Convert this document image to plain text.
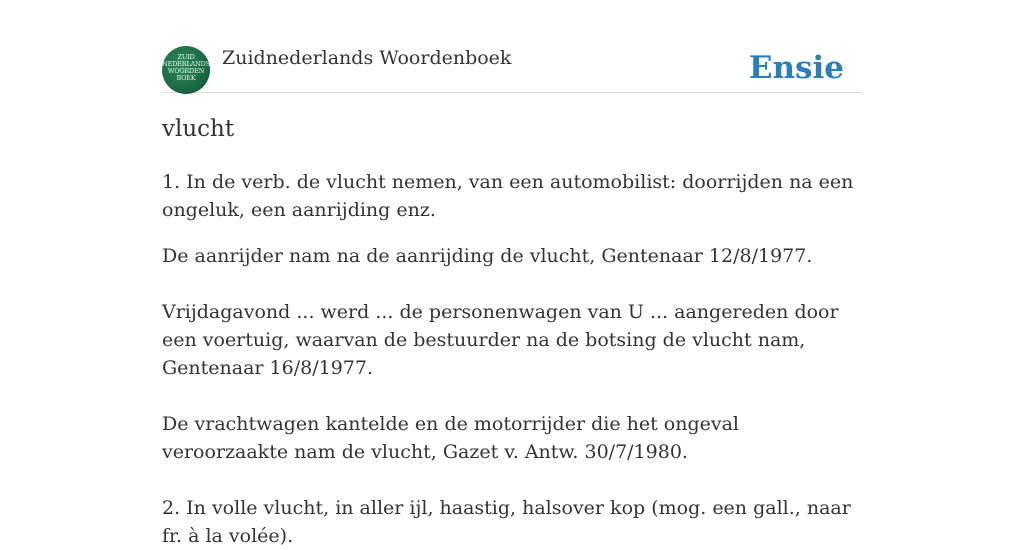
ZUID
NEDERLANDS
WOORDEN
BOEK
Zuidnederlands Woordenboek	Ensie
vlucht

1. In de verb. de vlucht nemen, van een automobilist: doorrijden na een ongeluk, een aanrijding enz.

De aanrijder nam na de aanrijding de vlucht, Gentenaar 12/8/1977.

Vrijdagavond ... werd ... de personenwagen van U ... aangereden door een voertuig, waarvan de bestuurder na de botsing de vlucht nam, Gentenaar 16/8/1977.

De vrachtwagen kantelde en de motorrijder die het ongeval veroorzaakte nam de vlucht, Gazet v. Antw. 30/7/1980.

2. In volle vlucht, in aller ijl, haastig, halsover kop (mog. een gall., naar fr. à la volée).
